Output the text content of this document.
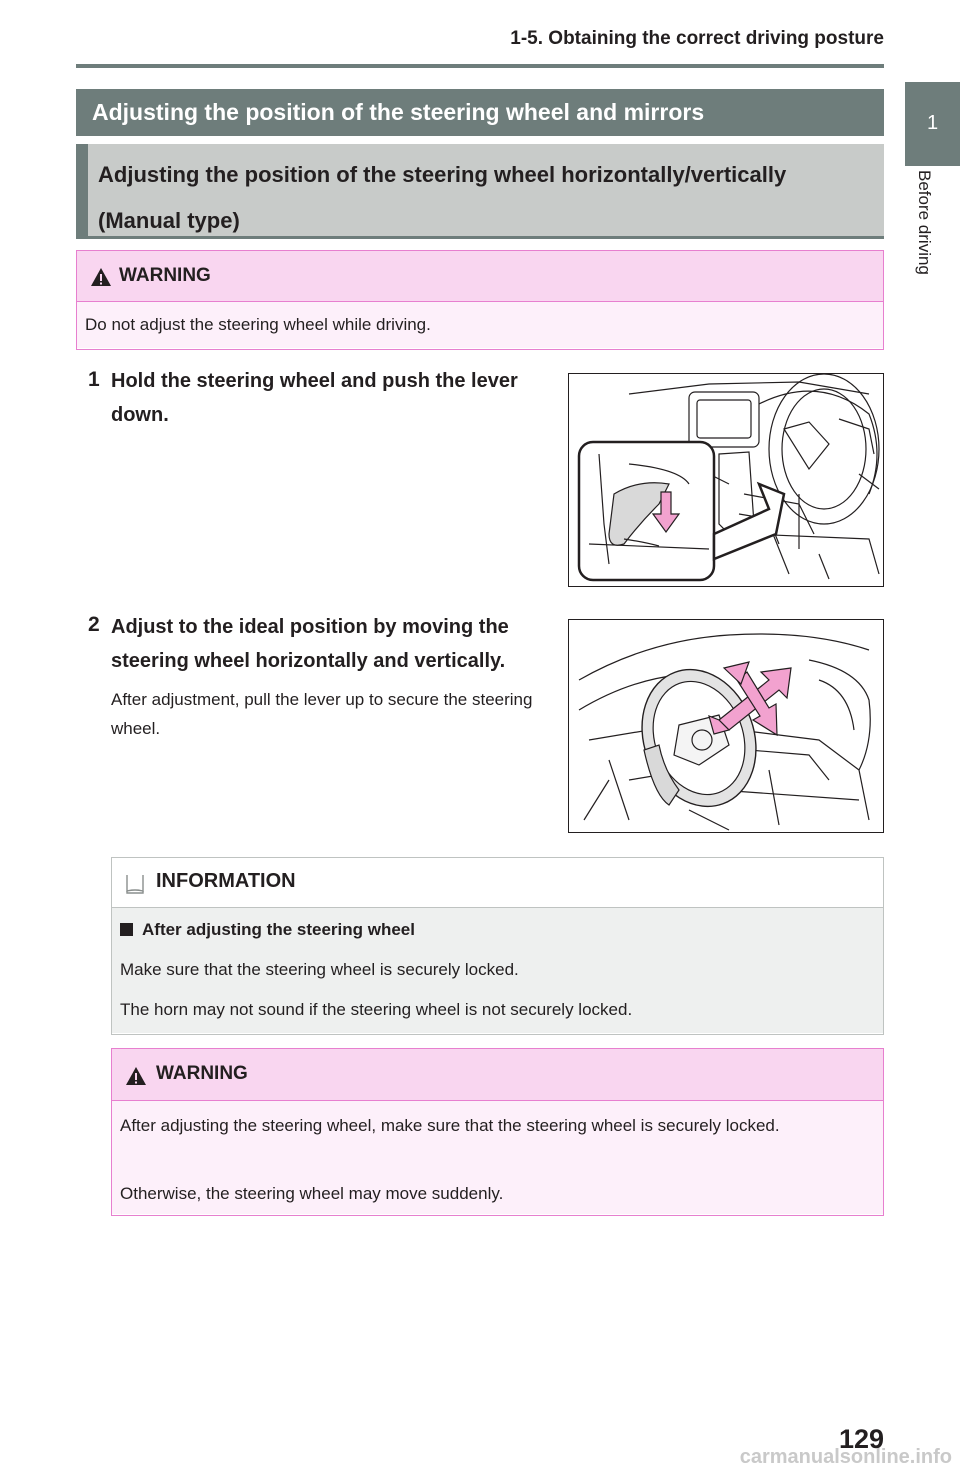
1-5. Obtaining the correct driving posture
1
Before driving
Adjusting the position of the steering wheel and mirrors
Adjusting the position of the steering wheel horizontally/vertically (Manual type)
WARNING
Do not adjust the steering wheel while driving.
1 Hold the steering wheel and push the lever down.
2 Adjust to the ideal position by moving the steering wheel horizontally and vertically.
After adjustment, pull the lever up to secure the steering wheel.
INFORMATION
After adjusting the steering wheel
Make sure that the steering wheel is securely locked.
The horn may not sound if the steering wheel is not securely locked.
WARNING
After adjusting the steering wheel, make sure that the steering wheel is securely locked.
Otherwise, the steering wheel may move suddenly.
129
carmanualsonline.info
